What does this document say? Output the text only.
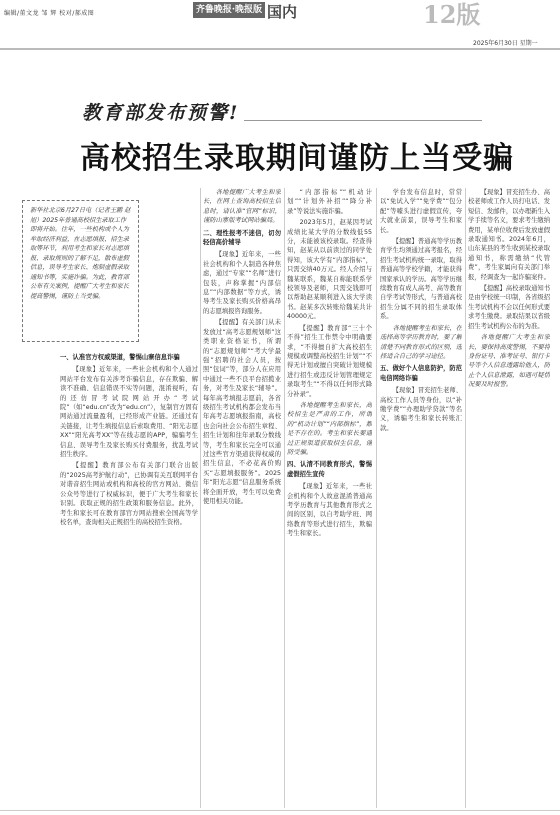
编辑/董文龙 邹 辉 校对/郝成图	齐鲁晚报·晚报版 国内	12版
2025年6月30日 星期一
教育部发布预警!
高校招生录取期间谨防上当受骗
新华社北京6月27日电（记者王鹏 赵旭）2025年普通高校招生录取工作即将开始。往年，一些机构或个人为牟取经济利益，在志愿填报、招生录取等环节，利用考生和家长对志愿填报、录取规则的了解不足，散布虚假信息，误导考生家长、炮制虚假录取通知书等，实施诈骗。为此，教育部公布有关案例，提醒广大考生和家长提高警惕，谨防上当受骗。

一、认准官方权威渠道，警惕山寨信息诈骗

【现象】近年来，一些社会机构和个人通过网站平台发布有关涉考诈骗信息，存在欺骗、解读不准确、信息错误不实等问题，混淆视听，有的还仿冒考试院网站开办“考试院”（如“edu.cn”改为“edu.cn”），复制官方固有网站通过流量盈利，已经形成产业链。还通过有关链接，让考生填报信息后索取费用、“阳光志愿XX”“阳光高考XX”等在线志愿的APP，骗骗考生信息、误导考生及家长购买付费服务，扰乱考试招生秩序。

【提醒】教育部公布有关部门联合出版的“2025高考护航行动”，已协调有关互联网平台对谐音招生网站或机构和高校的官方网站、微信公众号等进行了权威标识，便于广大考生和家长识别。获取正规的招生政策和服务信息。此外，考生和家长可在教育部官方网站搜索全国高等学校名单，查询相关正规招生的高校招生资格。

各地提醒广大考生和家长，在网上查询高校招生信息时，请认准“官网”标识，谨防山寨版考试网站骗局。

二、理性报考不迷信，切勿轻信高价辅导

【现象】近年来，一些社会机构和个人制造各种焦虑，通过“专家”“名师”进行包装，声称掌握“内部信息”“内部数据”等方式，诱导考生及家长购买价格高昂的志愿填报咨询服务。

【提醒】有关部门从未发放过“高考志愿规划师”这类职业资格证书，所谓的“志愿规划师”“考大学最强”招聘的社会人员，按照“包词”等，部分人在应用中通过一些不良平台招揽业务，对考生及家长“辅导”。每年高考填报志愿前，各省级招生考试机构都会发布当年高考志愿填报指南，高校也会向社会公布招生章程、招生计划和往年录取分数线等，考生和家长完全可以通过这些官方渠道获得权威的招生信息，不必花高价购买“志愿填报服务”。2025年“阳光志愿”信息服务系统将全面开放，考生可以免费使用相关功能。

“内部指标”“机动计划”“计划外补招”“降分补录”等说法实施诈骗。

2023年5月，赵某因考试成绩比某大学的分数线低55分，未能被该校录取。经查得知，赵某从以前读过的同学处得知，该大学有“内部指标”，只需交纳40万元。经人介绍与魏某联系，魏某自称能联系学校领导及老师，只需交钱即可以帮助赵某顺利进入该大学读书。赵某多次转账给魏某共计40000元。

【提醒】教育部“三十个不得”招生工作禁令中明确要求，“不得擅自扩大高校招生规模或调整高校招生计划”“不得无计划或擅自突破计划规模进行招生或违反计划管理规定录取考生”“不得以任何形式降分补录”。

各地提醒考生和家长，高校招生是严肃的工作，所谓的“机动计划”“内部指标”，都是不存在的。考生和家长要通过正规渠道获取招生信息，谨防受骗。

四、认清不同教育形式，警惕虚假招生宣传

【现象】近年来，一些社会机构和个人故意混淆普通高考学历教育与其他教育形式之间的区别，以自考助学班、网络教育等形式进行招生，欺骗考生和家长。

学台发布信息时，常常以“免试入学”“免学费”“包分配”等噱头进行虚假宣传，夸大就业前景，误导考生和家长。

【提醒】普通高等学历教育学生均须通过高考报名，经招生考试机构统一录取，取得普通高等学校学籍，才能获得国家承认的学历。高等学历继续教育有成人高考、高等教育自学考试等形式，与普通高校招生分属不同的招生录取体系。

各地提醒考生和家长，在选择高等学历教育时，要了解清楚不同教育形式的区别，选择适合自己的学习途径。

五、做好个人信息防护，防范电信网络诈骗

【现象】冒充招生老师、高校工作人员等身份，以“补缴学费”“办理助学贷款”等名义，诱骗考生和家长转账汇款。

【现象】冒充招生办、高校老师或工作人员打电话、发短信、发邮件，以办理新生入学手续等名义，要求考生缴纳费用，某单位收费后发放虚假录取通知书。2024年6月，山东某县的考生收到某校录取通知书，称需缴纳“代管费”，考生家属向有关部门举报，经调查为一起诈骗案件。

【提醒】高校录取通知书是由学校统一印制，各省级招生考试机构不会以任何形式要求考生缴费。录取结果以省级招生考试机构公布的为准。

各地提醒广大考生和家长，要保持高度警惕，不要将身份证号、准考证号、银行卡号等个人信息透露给他人，防止个人信息泄露，如遇可疑情况要及时报警。
